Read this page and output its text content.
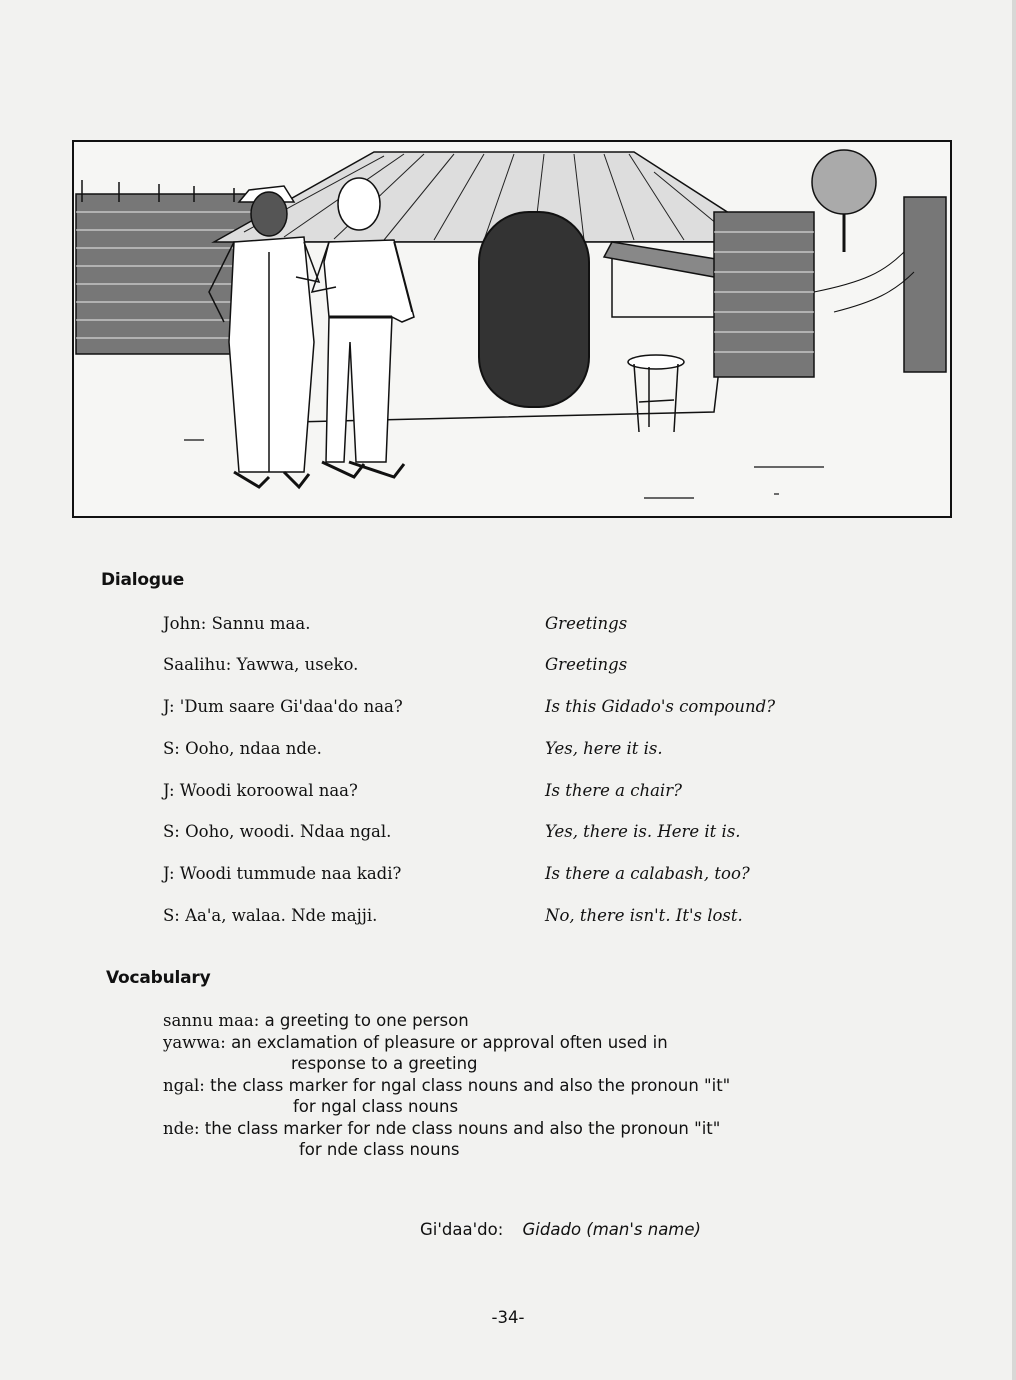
Dialogue
John: Sannu maa.	Greetings
Saalihu: Yawwa, useko.	Greetings
J: 'Dum saare Gi'daa'do naa?	Is this Gidado's compound?
S: Ooho, ndaa nde.	Yes, here it is.
J: Woodi koroowal naa?	Is there a chair?
S: Ooho, woodi. Ndaa ngal.	Yes, there is. Here it is.
J: Woodi tummude naa kadi?	Is there a calabash, too?
S: Aa'a, walaa. Nde majji.	No, there isn't. It's lost.
Vocabulary
sannu maa: a greeting to one person
yawwa: an exclamation of pleasure or approval often used in
response to a greeting
ngal: the class marker for ngal class nouns and also the pronoun "it"
for ngal class nouns
nde: the class marker for nde class nouns and also the pronoun "it"
for nde class nouns
Gi'daa'do: Gidado (man's name)
-34-
